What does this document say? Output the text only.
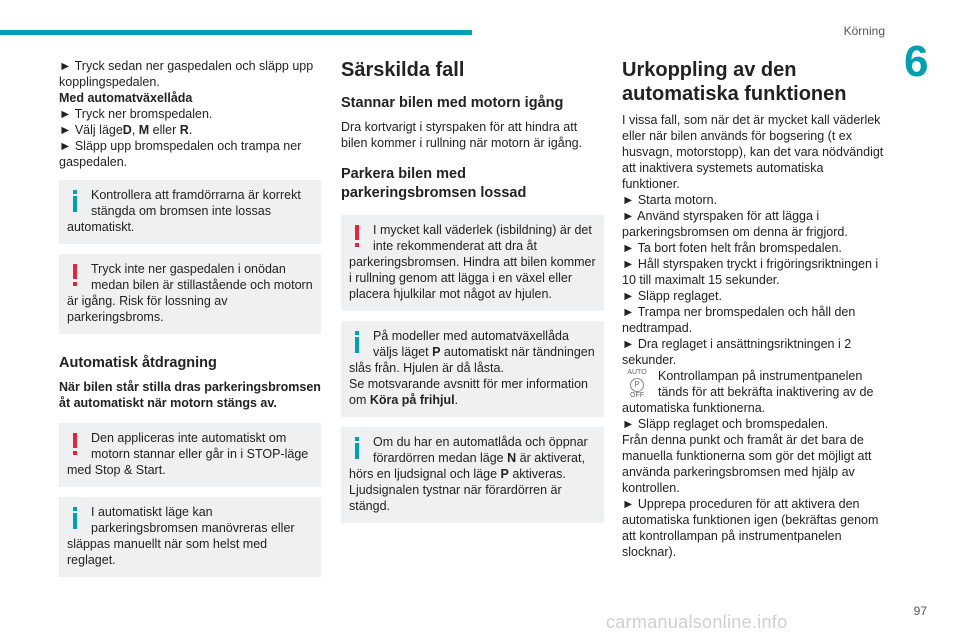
Körning
6

► Tryck sedan ner gaspedalen och släpp upp kopplingspedalen.

Med automatväxellåda

► Tryck ner bromspedalen.

► Välj lägeD, M eller R.

► Släpp upp bromspedalen och trampa ner gaspedalen.

Kontrollera att framdörrarna är korrekt stängda om bromsen inte lossas automatiskt.
Tryck inte ner gaspedalen i onödan medan bilen är stillastående och motorn är igång. Risk för lossning av parkeringsbroms.
Automatisk åtdragning

När bilen står stilla dras parkeringsbromsen åt automatiskt när motorn stängs av.

Den appliceras inte automatiskt om motorn stannar eller går in i STOP-läge med Stop & Start.
I automatiskt läge kan parkeringsbromsen manövreras eller släppas manuellt när som helst med reglaget.
Särskilda fall
Stannar bilen med motorn igång

Dra kortvarigt i styrspaken för att hindra att bilen kommer i rullning när motorn är igång.

Parkera bilen med parkeringsbromsen lossad
I mycket kall väderlek (isbildning) är det inte rekommenderat att dra åt parkeringsbromsen. Hindra att bilen kommer i rullning genom att lägga i en växel eller placera hjulkilar mot något av hjulen.
På modeller med automatväxellåda väljs läget P automatiskt när tändningen slås från. Hjulen är då låsta.
Se motsvarande avsnitt för mer information om Köra på frihjul.
Om du har en automatlåda och öppnar förardörren medan läge N är aktiverat, hörs en ljudsignal och läge P aktiveras.
Ljudsignalen tystnar när förardörren är stängd.
Urkoppling av den automatiska funktionen

I vissa fall, som när det är mycket kall väderlek eller när bilen används för bogsering (t ex husvagn, motorstopp), kan det vara nödvändigt att inaktivera systemets automatiska funktioner.

► Starta motorn.

► Använd styrspaken för att lägga i parkeringsbromsen om denna är frigjord.

► Ta bort foten helt från bromspedalen.

► Håll styrspaken tryckt i frigöringsriktningen i 10 till maximalt 15 sekunder.

► Släpp reglaget.

► Trampa ner bromspedalen och håll den nedtrampad.

► Dra reglaget i ansättningsriktningen i 2 sekunder.

AUTO
P
OFF
Kontrollampan på instrumentpanelen tänds för att bekräfta inaktivering av de automatiska funktionerna.

► Släpp reglaget och bromspedalen.

Från denna punkt och framåt är det bara de manuella funktionerna som gör det möjligt att använda parkeringsbromsen med hjälp av kontrollen.

► Upprepa proceduren för att aktivera den automatiska funktionen igen (bekräftas genom att kontrollampan på instrumentpanelen slocknar).

97
carmanualsonline.info
